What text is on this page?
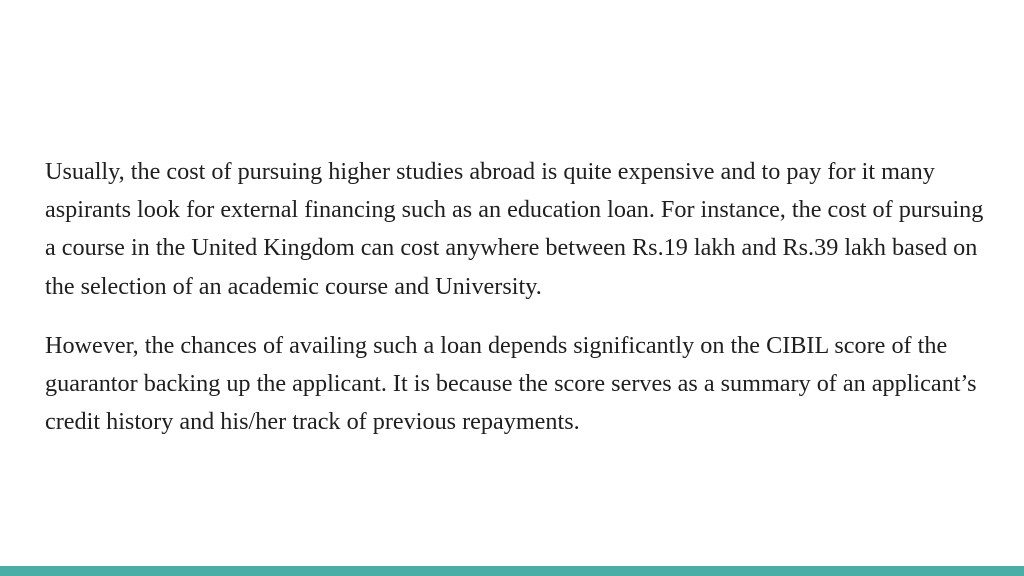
Usually, the cost of pursuing higher studies abroad is quite expensive and to pay for it many aspirants look for external financing such as an education loan. For instance, the cost of pursuing a course in the United Kingdom can cost anywhere between Rs.19 lakh and Rs.39 lakh based on the selection of an academic course and University.

However, the chances of availing such a loan depends significantly on the CIBIL score of the guarantor backing up the applicant. It is because the score serves as a summary of an applicant’s credit history and his/her track of previous repayments.
